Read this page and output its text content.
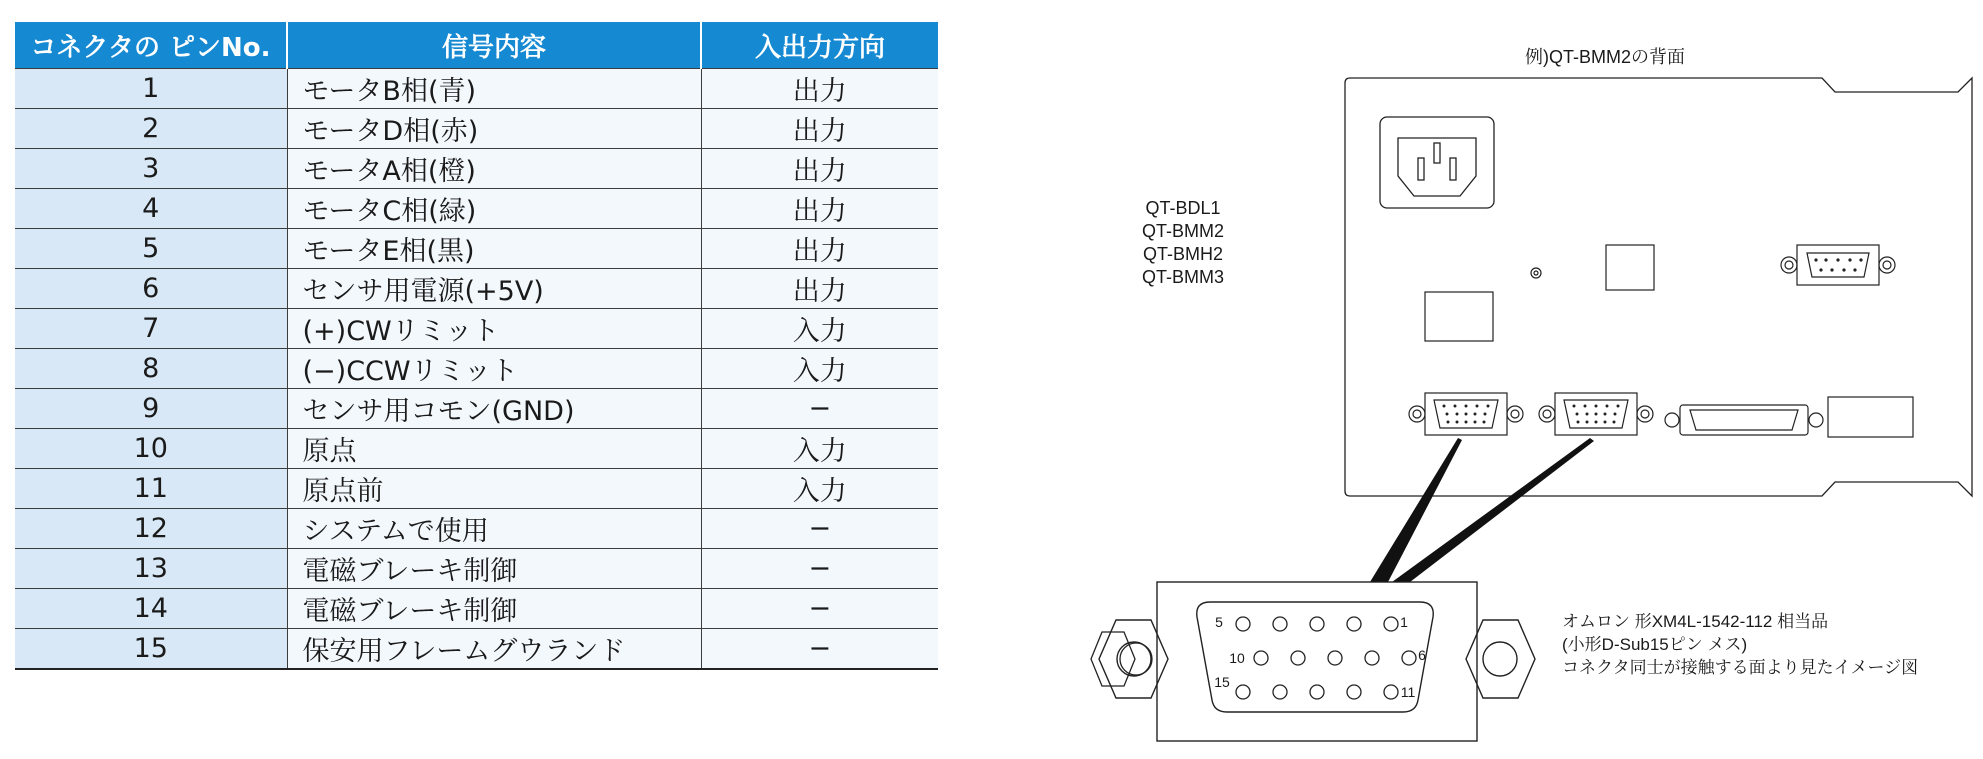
コネクタの ピンNo.	信号内容	入出力方向
1	モータB相(青)	出力
2	モータD相(赤)	出力
3	モータA相(橙)	出力
4	モータC相(緑)	出力
5	モータE相(黒)	出力
6	センサ用電源(+5V)	出力
7	(+)CWリミット	入力
8	(−)CCWリミット	入力
9	センサ用コモン(GND)	−
10	原点	入力
11	原点前	入力
12	システムで使用	−
13	電磁ブレーキ制御	−
14	電磁ブレーキ制御	−
15	保安用フレームグウランド	−
例)QT-BMM2の背面
QT-BDL1
QT-BMM2
QT-BMH2
QT-BMM3
5	1
10	6
15
11
オムロン 形XM4L-1542-112 相当品
(小形D-Sub15ピン メス)
コネクタ同士が接触する面より見たイメージ図
